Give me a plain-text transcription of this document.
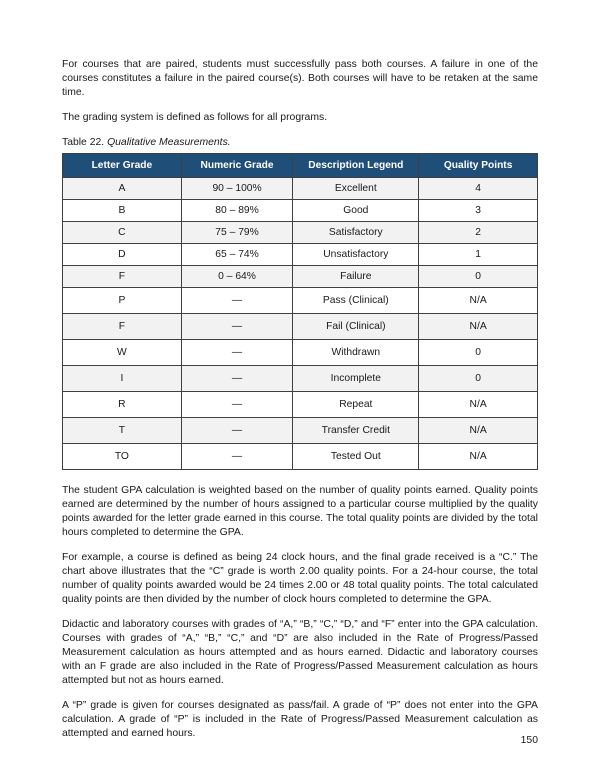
For courses that are paired, students must successfully pass both courses. A failure in one of the courses constitutes a failure in the paired course(s). Both courses will have to be retaken at the same time.

The grading system is defined as follows for all programs.

Table 22. Qualitative Measurements.
Letter Grade	Numeric Grade	Description Legend	Quality Points
A	90 – 100%	Excellent	4
B	80 – 89%	Good	3
C	75 – 79%	Satisfactory	2
D	65 – 74%	Unsatisfactory	1
F	0 – 64%	Failure	0
P	—	Pass (Clinical)	N/A
F	—	Fail (Clinical)	N/A
W	—	Withdrawn	0
I	—	Incomplete	0
R	—	Repeat	N/A
T	—	Transfer Credit	N/A
TO	—	Tested Out	N/A

The student GPA calculation is weighted based on the number of quality points earned. Quality points earned are determined by the number of hours assigned to a particular course multiplied by the quality points awarded for the letter grade earned in this course. The total quality points are divided by the total hours completed to determine the GPA.

For example, a course is defined as being 24 clock hours, and the final grade received is a “C.” The chart above illustrates that the “C” grade is worth 2.00 quality points. For a 24-hour course, the total number of quality points awarded would be 24 times 2.00 or 48 total quality points. The total calculated quality points are then divided by the number of clock hours completed to determine the GPA.

Didactic and laboratory courses with grades of “A,” “B,” “C,” “D,” and “F” enter into the GPA calculation. Courses with grades of “A,” “B,” “C,” and “D” are also included in the Rate of Progress/Passed Measurement calculation as hours attempted and as hours earned. Didactic and laboratory courses with an F grade are also included in the Rate of Progress/Passed Measurement calculation as hours attempted but not as hours earned.

A “P” grade is given for courses designated as pass/fail. A grade of “P” does not enter into the GPA calculation. A grade of “P” is included in the Rate of Progress/Passed Measurement calculation as attempted and earned hours.

150
